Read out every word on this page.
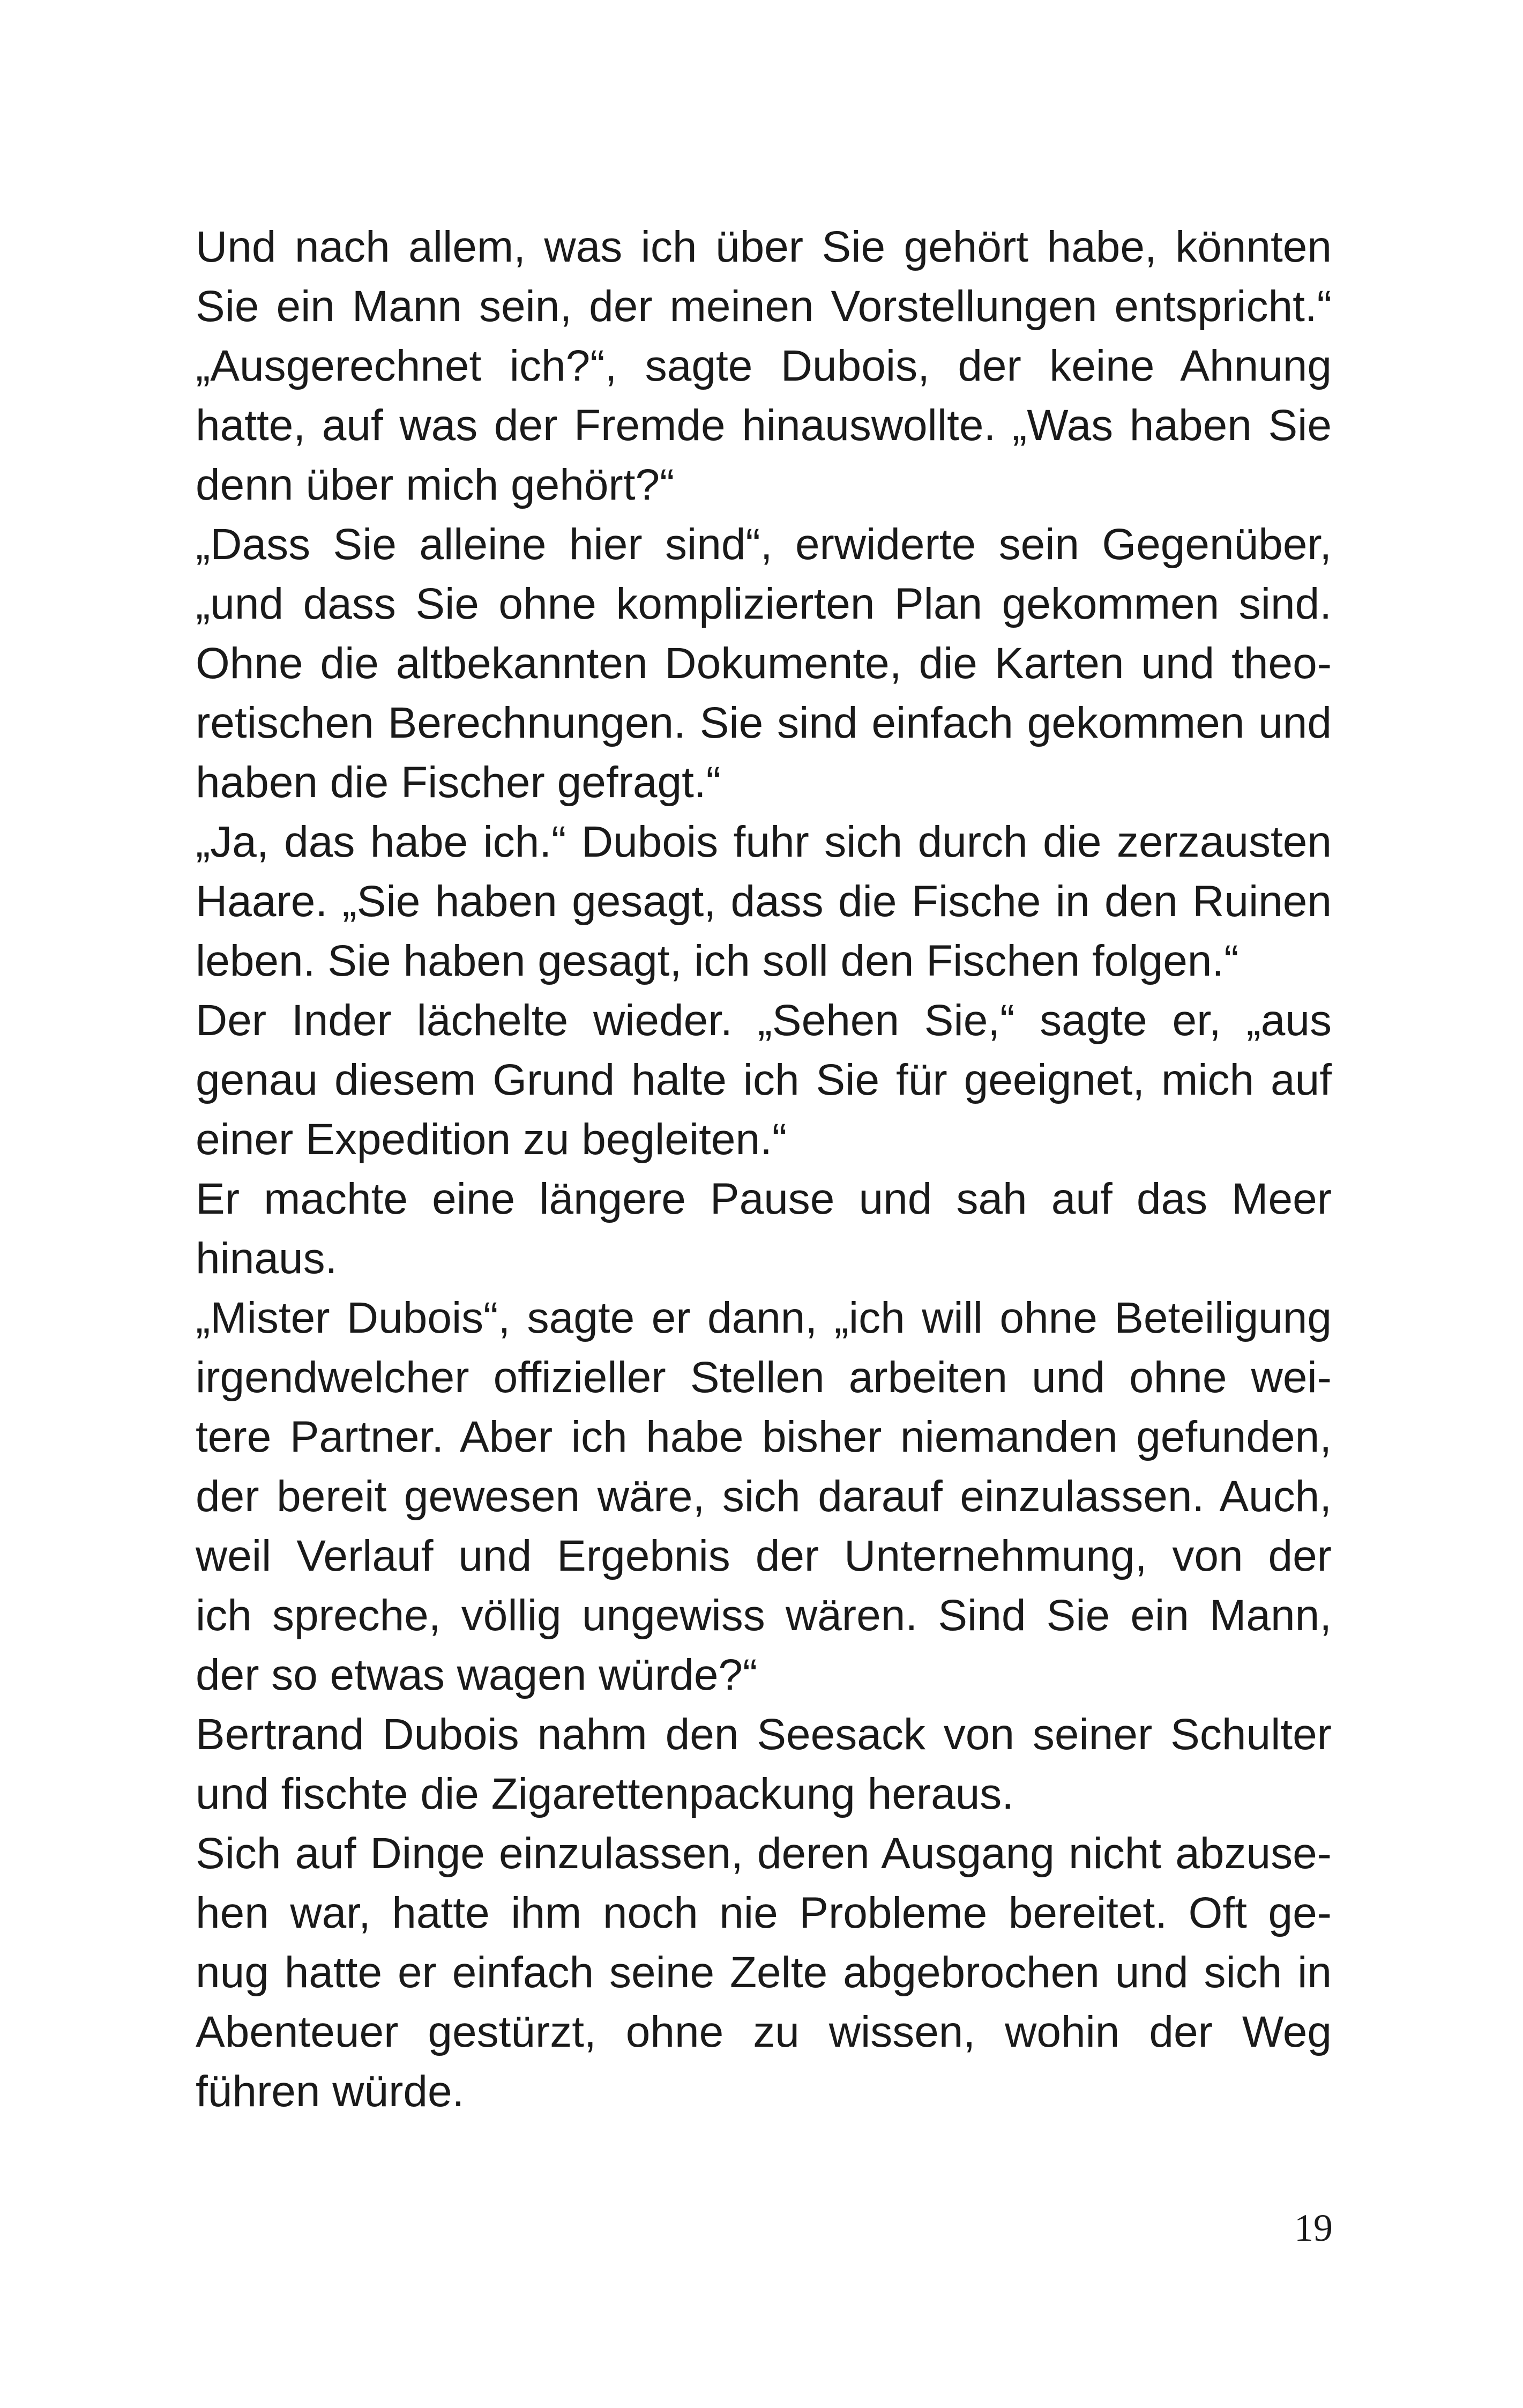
Und nach allem, was ich über Sie gehört habe, könnten
Sie ein Mann sein, der meinen Vorstellungen entspricht.“
„Ausgerechnet ich?“, sagte Dubois, der keine Ahnung
hatte, auf was der Fremde hinauswollte. „Was haben Sie
denn über mich gehört?“
„Dass Sie alleine hier sind“, erwiderte sein Gegenüber,
„und dass Sie ohne komplizierten Plan gekommen sind.
Ohne die altbekannten Dokumente, die Karten und theo-
retischen Berechnungen. Sie sind einfach gekommen und
haben die Fischer gefragt.“
„Ja, das habe ich.“ Dubois fuhr sich durch die zerzausten
Haare. „Sie haben gesagt, dass die Fische in den Ruinen
leben. Sie haben gesagt, ich soll den Fischen folgen.“
Der Inder lächelte wieder. „Sehen Sie,“ sagte er, „aus
genau diesem Grund halte ich Sie für geeignet, mich auf
einer Expedition zu begleiten.“
Er machte eine längere Pause und sah auf das Meer
hinaus.
„Mister Dubois“, sagte er dann, „ich will ohne Beteiligung
irgendwelcher offizieller Stellen arbeiten und ohne wei-
tere Partner. Aber ich habe bisher niemanden gefunden,
der bereit gewesen wäre, sich darauf einzulassen. Auch,
weil Verlauf und Ergebnis der Unternehmung, von der
ich spreche, völlig ungewiss wären. Sind Sie ein Mann,
der so etwas wagen würde?“
Bertrand Dubois nahm den Seesack von seiner Schulter
und fischte die Zigarettenpackung heraus.
Sich auf Dinge einzulassen, deren Ausgang nicht abzuse-
hen war, hatte ihm noch nie Probleme bereitet. Oft ge-
nug hatte er einfach seine Zelte abgebrochen und sich in
Abenteuer gestürzt, ohne zu wissen, wohin der Weg
führen würde.
19
